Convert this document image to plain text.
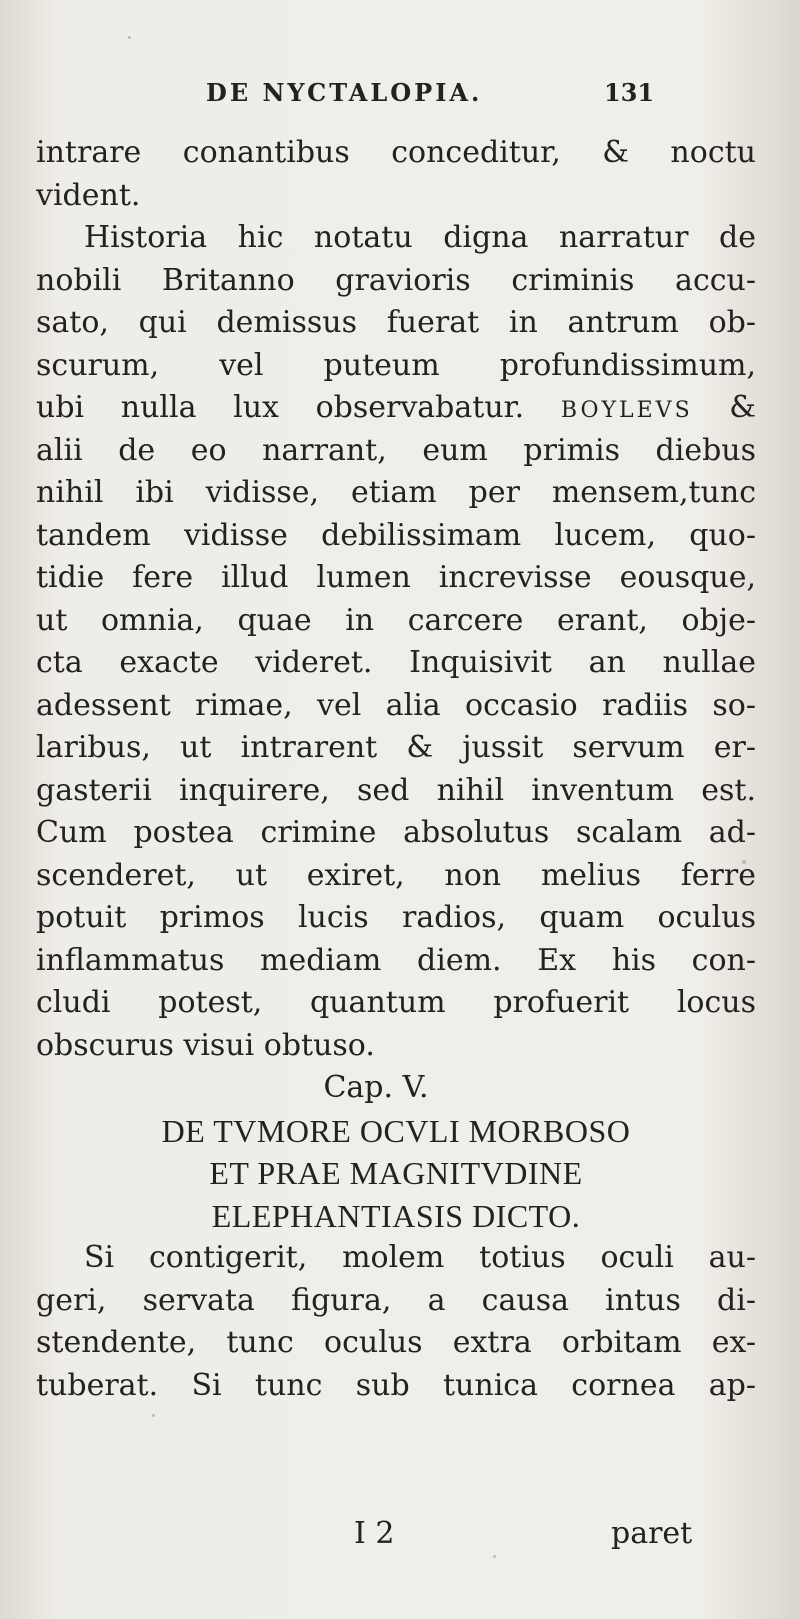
DE NYCTALOPIA.	131
intrare conantibus conceditur, & noctu
vident.
Historia hic notatu digna narratur de
nobili Britanno gravioris criminis accu-
sato, qui demissus fuerat in antrum ob-
scurum, vel puteum profundissimum,
ubi nulla lux observabatur. BOYLEVS &
alii de eo narrant, eum primis diebus
nihil ibi vidisse, etiam per mensem,tunc
tandem vidisse debilissimam lucem, quo-
tidie fere illud lumen increvisse eousque,
ut omnia, quae in carcere erant, obje-
cta exacte videret. Inquisivit an nullae
adessent rimae, vel alia occasio radiis so-
laribus, ut intrarent & jussit servum er-
gasterii inquirere, sed nihil inventum est.
Cum postea crimine absolutus scalam ad-
scenderet, ut exiret, non melius ferre
potuit primos lucis radios, quam oculus
inflammatus mediam diem. Ex his con-
cludi potest, quantum profuerit locus
obscurus visui obtuso.
Cap. V.
DE TVMORE OCVLI MORBOSO
ET PRAE MAGNITVDINE
ELEPHANTIASIS DICTO.
Si contigerit, molem totius oculi au-
geri, servata figura, a causa intus di-
stendente, tunc oculus extra orbitam ex-
tuberat. Si tunc sub tunica cornea ap-
I 2	paret
